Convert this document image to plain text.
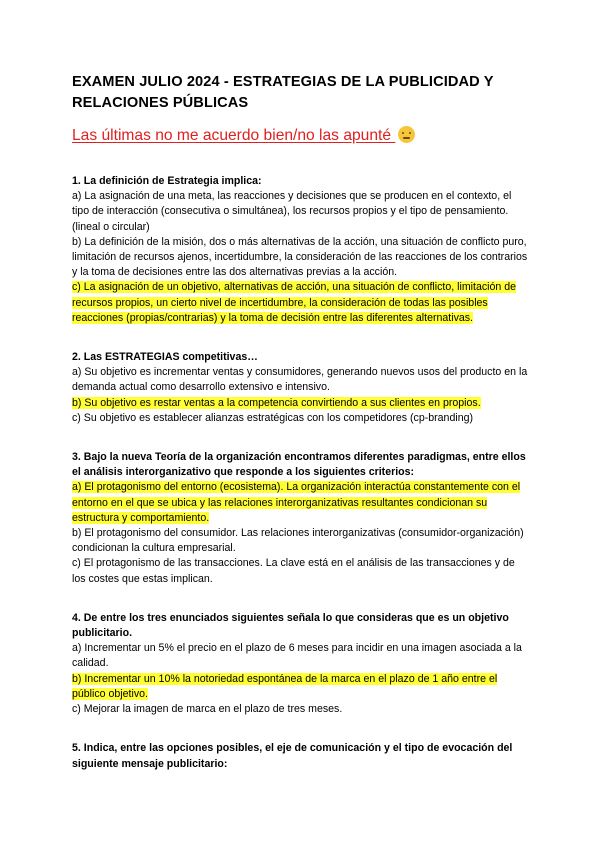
EXAMEN JULIO 2024 - ESTRATEGIAS DE LA PUBLICIDAD Y
RELACIONES PÚBLICAS

Las últimas no me acuerdo bien/no las apunté

1. La definición de Estrategia implica:
a) La asignación de una meta, las reacciones y decisiones que se producen en el contexto, el tipo de interacción (consecutiva o simultánea), los recursos propios y el tipo de pensamiento. (lineal o circular)
b) La definición de la misión, dos o más alternativas de la acción, una situación de conflicto puro, limitación de recursos ajenos, incertidumbre, la consideración de las reacciones de los contrarios y la toma de decisiones entre las dos alternativas previas a la acción.
c) La asignación de un objetivo, alternativas de acción, una situación de conflicto, limitación de recursos propios, un cierto nivel de incertidumbre, la consideración de todas las posibles reacciones (propias/contrarias) y la toma de decisión entre las diferentes alternativas.
2. Las ESTRATEGIAS competitivas…
a) Su objetivo es incrementar ventas y consumidores, generando nuevos usos del producto en la demanda actual como desarrollo extensivo e intensivo.
b) Su objetivo es restar ventas a la competencia convirtiendo a sus clientes en propios.
c) Su objetivo es establecer alianzas estratégicas con los competidores (cp-branding)
3. Bajo la nueva Teoría de la organización encontramos diferentes paradigmas, entre ellos el análisis interorganizativo que responde a los siguientes criterios:
a) El protagonismo del entorno (ecosistema). La organización interactúa constantemente con el entorno en el que se ubica y las relaciones interorganizativas resultantes condicionan su estructura y comportamiento.
b) El protagonismo del consumidor. Las relaciones interorganizativas (consumidor-organización) condicionan la cultura empresarial.
c) El protagonismo de las transacciones. La clave está en el análisis de las transacciones y de los costes que estas implican.
4. De entre los tres enunciados siguientes señala lo que consideras que es un objetivo publicitario.
a) Incrementar un 5% el precio en el plazo de 6 meses para incidir en una imagen asociada a la calidad.
b) Incrementar un 10% la notoriedad espontánea de la marca en el plazo de 1 año entre el público objetivo.
c) Mejorar la imagen de marca en el plazo de tres meses.
5. Indica, entre las opciones posibles, el eje de comunicación y el tipo de evocación del siguiente mensaje publicitario:
